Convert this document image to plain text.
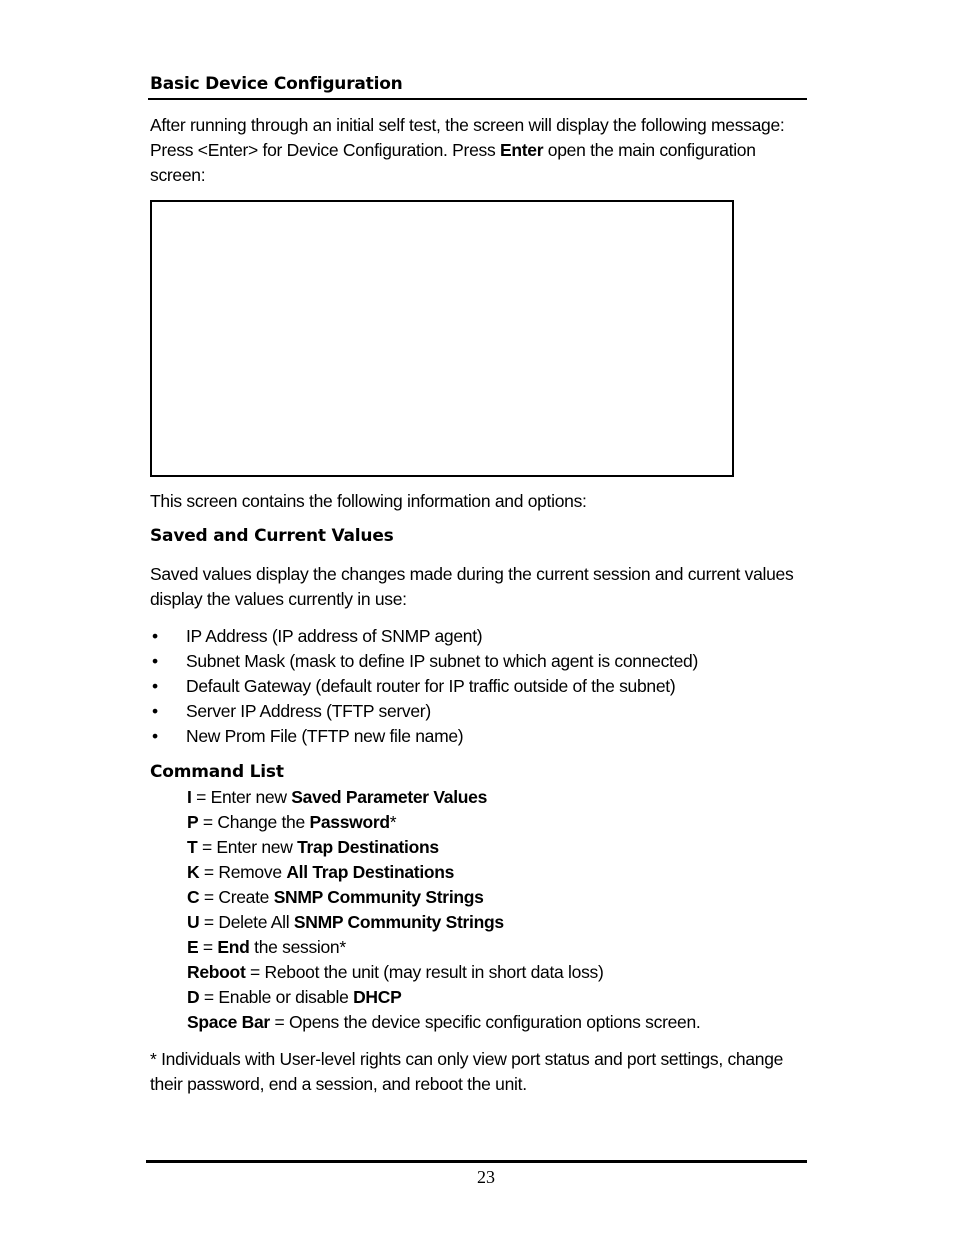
Basic Device Configuration
After running through an initial self test, the screen will display the following message:
Press <Enter> for Device Configuration. Press Enter open the main configuration
screen:
This screen contains the following information and options:
Saved and Current Values
Saved values display the changes made during the current session and current values
display the values currently in use:
• IP Address (IP address of SNMP agent)
• Subnet Mask (mask to define IP subnet to which agent is connected)
• Default Gateway (default router for IP traffic outside of the subnet)
• Server IP Address (TFTP server)
• New Prom File (TFTP new file name)
Command List
I = Enter new Saved Parameter Values
P = Change the Password*
T = Enter new Trap Destinations
K = Remove All Trap Destinations
C = Create SNMP Community Strings
U = Delete All SNMP Community Strings
E = End the session*
Reboot = Reboot the unit (may result in short data loss)
D = Enable or disable DHCP
Space Bar = Opens the device specific configuration options screen.
* Individuals with User-level rights can only view port status and port settings, change
their password, end a session, and reboot the unit.
23
